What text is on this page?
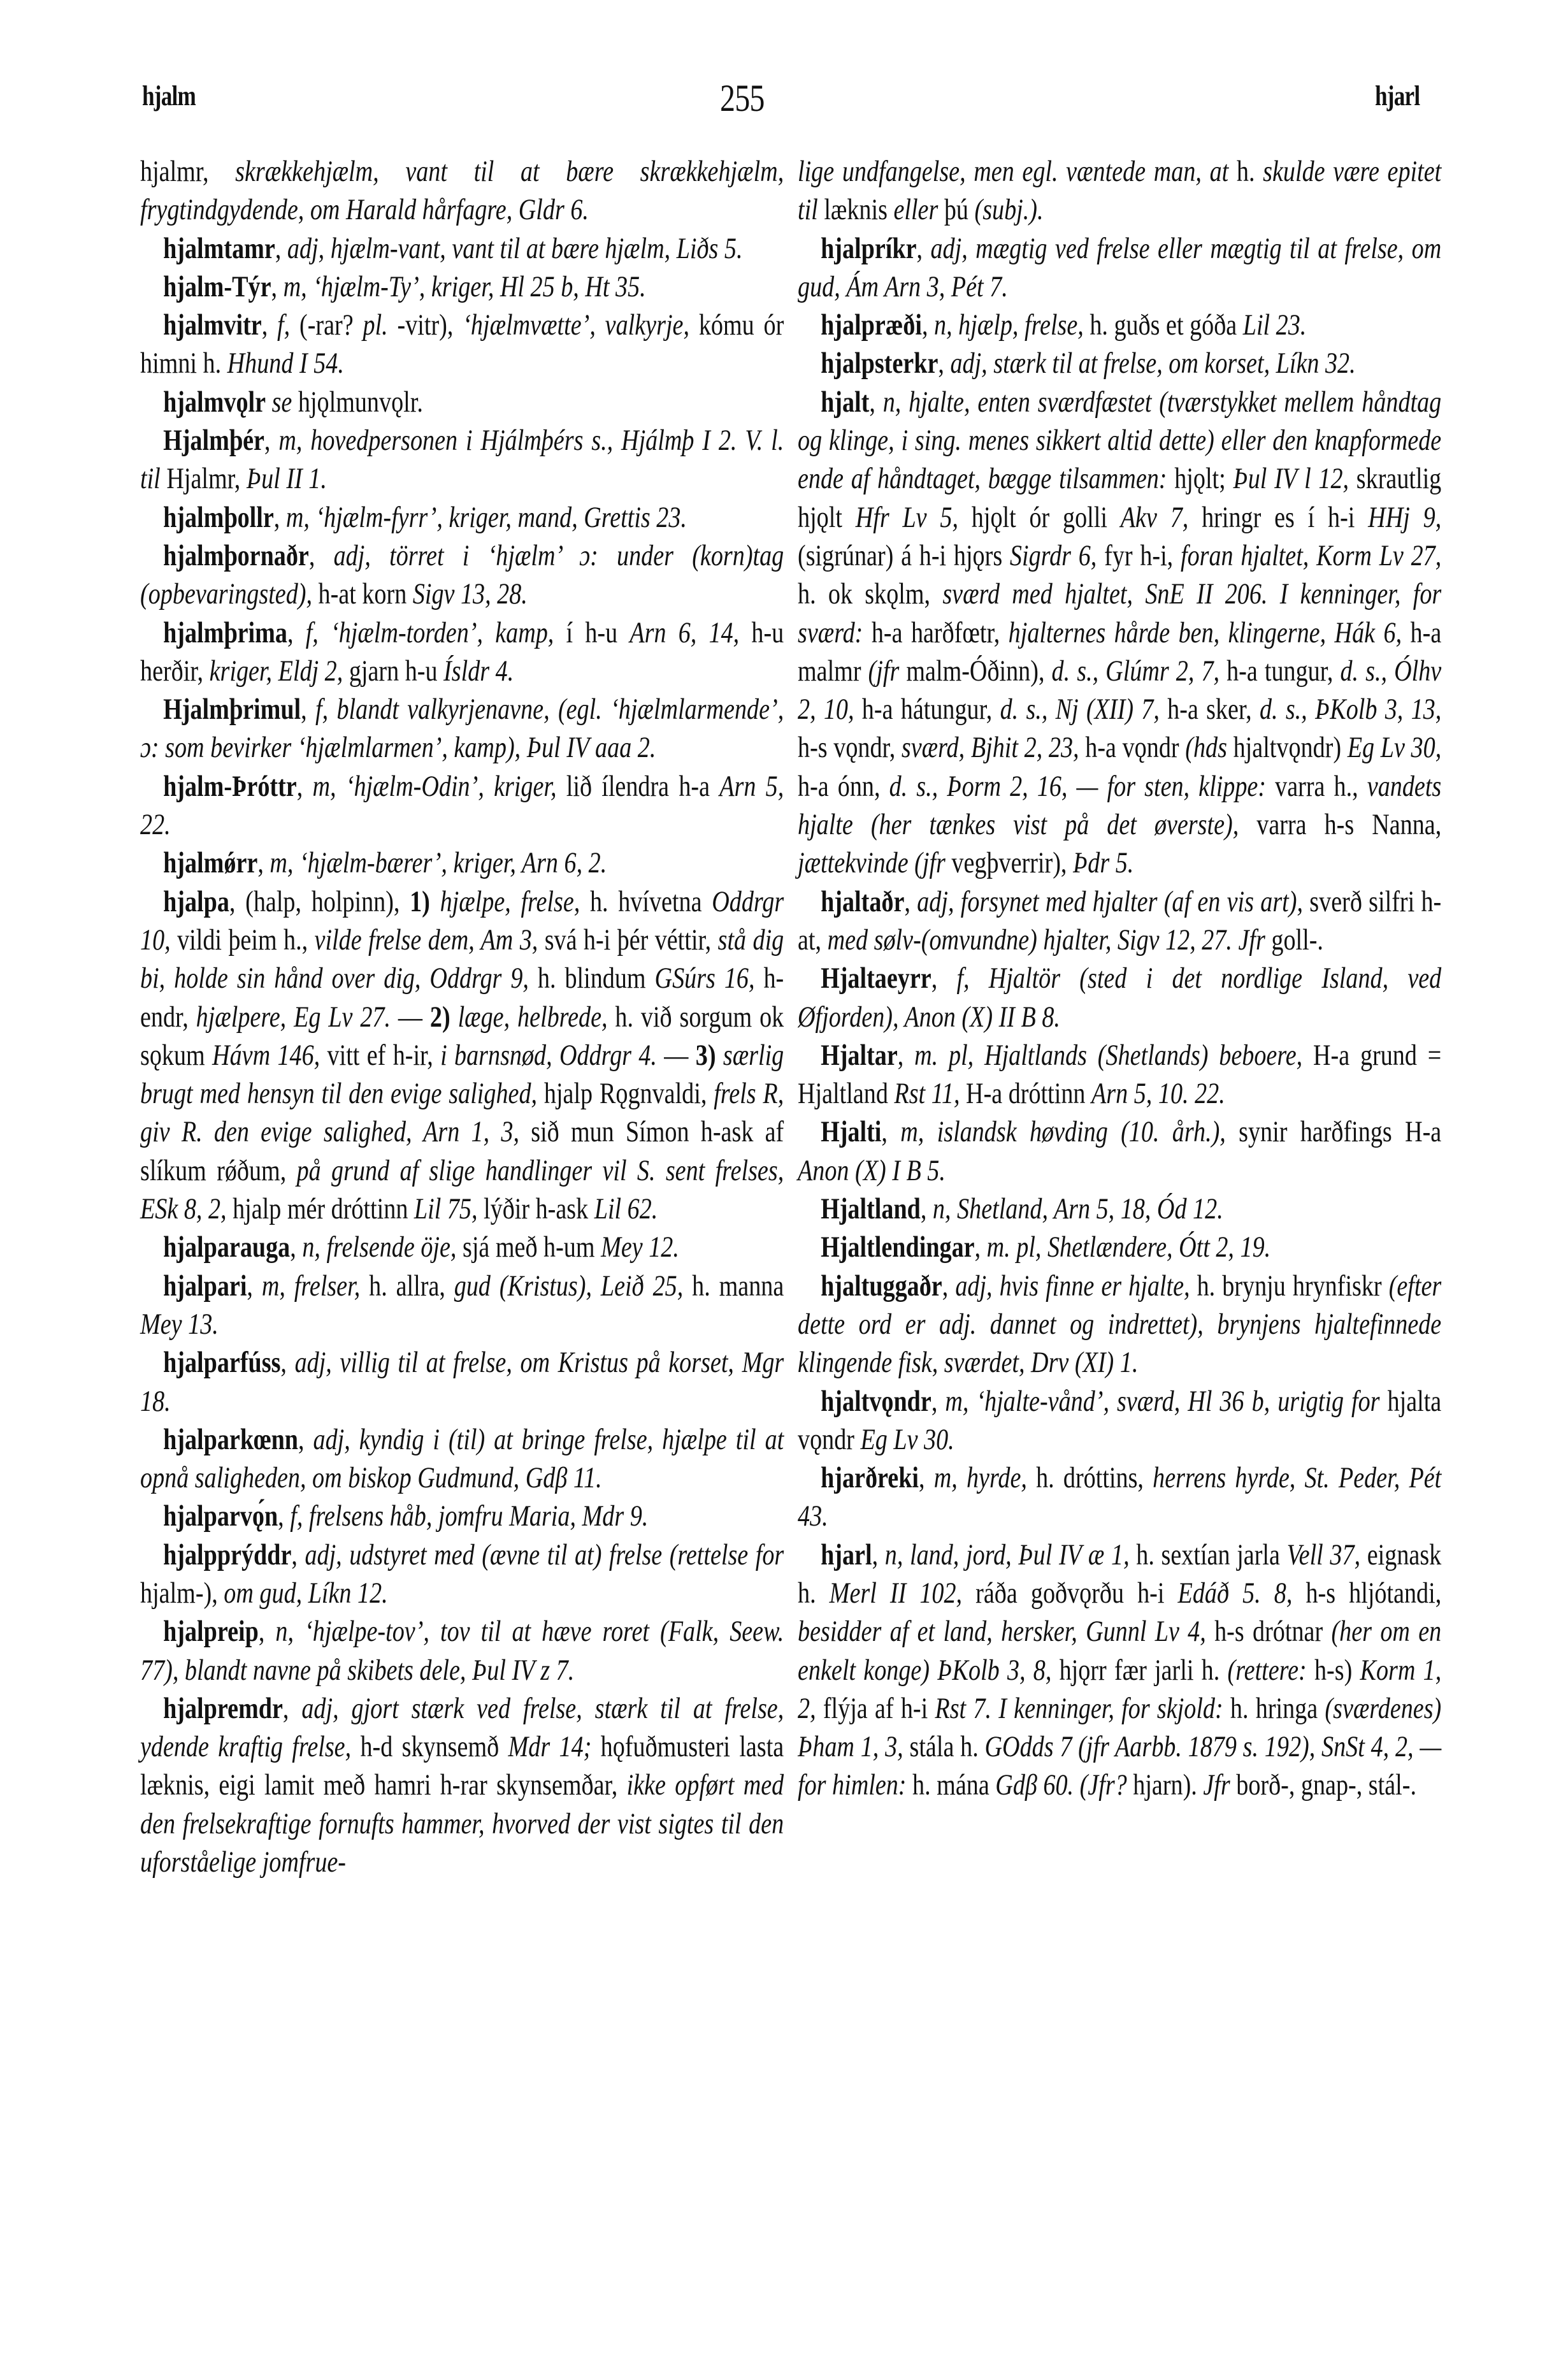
hjalm	255	hjarl

hjalmr, skrækkehjælm, vant til at bære skrækkehjælm, frygtindgydende, om Harald hårfagre, Gldr 6.

hjalmtamr, adj, hjælm-vant, vant til at bære hjælm, Liðs 5.

hjalm-Týr, m, ‘hjælm-Ty’, kriger, Hl 25 b, Ht 35.

hjalmvitr, f, (-rar? pl. -vitr), ‘hjælmvætte’, valkyrje, kómu ór himni h. Hhund I 54.

hjalmvǫlr se hjǫlmunvǫlr.

Hjalmþér, m, hovedpersonen i Hjálmþérs s., Hjálmþ I 2. V. l. til Hjalmr, Þul II 1.

hjalmþollr, m, ‘hjælm-fyrr’, kriger, mand, Grettis 23.

hjalmþornaðr, adj, törret i ‘hjælm’ ɔ: under (korn)tag (opbevaringsted), h-at korn Sigv 13, 28.

hjalmþrima, f, ‘hjælm-torden’, kamp, í h-u Arn 6, 14, h-u herðir, kriger, Eldj 2, gjarn h-u Ísldr 4.

Hjalmþrimul, f, blandt valkyrjenavne, (egl. ‘hjælmlarmende’, ɔ: som bevirker ‘hjælmlarmen’, kamp), Þul IV aaa 2.

hjalm-Þróttr, m, ‘hjælm-Odin’, kriger, lið ílendra h-a Arn 5, 22.

hjalmǿrr, m, ‘hjælm-bærer’, kriger, Arn 6, 2.

hjalpa, (halp, holpinn), 1) hjælpe, frelse, h. hvívetna Oddrgr 10, vildi þeim h., vilde frelse dem, Am 3, svá h-i þér véttir, stå dig bi, holde sin hånd over dig, Oddrgr 9, h. blindum GSúrs 16, h-endr, hjælpere, Eg Lv 27. — 2) læge, helbrede, h. við sorgum ok sǫkum Hávm 146, vitt ef h-ir, i barnsnød, Oddrgr 4. — 3) særlig brugt med hensyn til den evige salighed, hjalp Rǫgnvaldi, frels R, giv R. den evige salighed, Arn 1, 3, sið mun Símon h-ask af slíkum rǿðum, på grund af slige handlinger vil S. sent frelses, ESk 8, 2, hjalp mér dróttinn Lil 75, lýðir h-ask Lil 62.

hjalparauga, n, frelsende öje, sjá með h-um Mey 12.

hjalpari, m, frelser, h. allra, gud (Kristus), Leið 25, h. manna Mey 13.

hjalparfúss, adj, villig til at frelse, om Kristus på korset, Mgr 18.

hjalparkœnn, adj, kyndig i (til) at bringe frelse, hjælpe til at opnå saligheden, om biskop Gudmund, Gdβ 11.

hjalparvǫ́n, f, frelsens håb, jomfru Maria, Mdr 9.

hjalpprýddr, adj, udstyret med (ævne til at) frelse (rettelse for hjalm-), om gud, Líkn 12.

hjalpreip, n, ‘hjælpe-tov’, tov til at hæve roret (Falk, Seew. 77), blandt navne på skibets dele, Þul IV z 7.

hjalpremdr, adj, gjort stærk ved frelse, stærk til at frelse, ydende kraftig frelse, h-d skynsemð Mdr 14; hǫfuðmusteri lasta læknis, eigi lamit með hamri h-rar skynsemðar, ikke opført med den frelsekraftige fornufts hammer, hvorved der vist sigtes til den uforståelige jomfrue-

lige undfangelse, men egl. væntede man, at h. skulde være epitet til læknis eller þú (subj.).

hjalpríkr, adj, mægtig ved frelse eller mægtig til at frelse, om gud, Ám Arn 3, Pét 7.

hjalpræði, n, hjælp, frelse, h. guðs et góða Lil 23.

hjalpsterkr, adj, stærk til at frelse, om korset, Líkn 32.

hjalt, n, hjalte, enten sværdfæstet (tværstykket mellem håndtag og klinge, i sing. menes sikkert altid dette) eller den knapformede ende af håndtaget, bægge tilsammen: hjǫlt; Þul IV l 12, skrautlig hjǫlt Hfr Lv 5, hjǫlt ór golli Akv 7, hringr es í h-i HHj 9, (sigrúnar) á h-i hjǫrs Sigrdr 6, fyr h-i, foran hjaltet, Korm Lv 27, h. ok skǫlm, sværd med hjaltet, SnE II 206. I kenninger, for sværd: h-a harðfœtr, hjalternes hårde ben, klingerne, Hák 6, h-a malmr (jfr malm-Óðinn), d. s., Glúmr 2, 7, h-a tungur, d. s., Ólhv 2, 10, h-a hátungur, d. s., Nj (XII) 7, h-a sker, d. s., ÞKolb 3, 13, h-s vǫndr, sværd, Bjhit 2, 23, h-a vǫndr (hds hjaltvǫndr) Eg Lv 30, h-a ónn, d. s., Þorm 2, 16, — for sten, klippe: varra h., vandets hjalte (her tænkes vist på det øverste), varra h-s Nanna, jættekvinde (jfr vegþverrir), Þdr 5.

hjaltaðr, adj, forsynet med hjalter (af en vis art), sverð silfri h-at, med sølv-(omvundne) hjalter, Sigv 12, 27. Jfr goll-.

Hjaltaeyrr, f, Hjaltör (sted i det nordlige Island, ved Øfjorden), Anon (X) II B 8.

Hjaltar, m. pl, Hjaltlands (Shetlands) beboere, H-a grund = Hjaltland Rst 11, H-a dróttinn Arn 5, 10. 22.

Hjalti, m, islandsk høvding (10. årh.), synir harðfings H-a Anon (X) I B 5.

Hjaltland, n, Shetland, Arn 5, 18, Ód 12.

Hjaltlendingar, m. pl, Shetlændere, Ótt 2, 19.

hjaltuggaðr, adj, hvis finne er hjalte, h. brynju hrynfiskr (efter dette ord er adj. dannet og indrettet), brynjens hjaltefinnede klingende fisk, sværdet, Drv (XI) 1.

hjaltvǫndr, m, ‘hjalte-vånd’, sværd, Hl 36 b, urigtig for hjalta vǫndr Eg Lv 30.

hjarðreki, m, hyrde, h. dróttins, herrens hyrde, St. Peder, Pét 43.

hjarl, n, land, jord, Þul IV æ 1, h. sextían jarla Vell 37, eignask h. Merl II 102, ráða goðvǫrðu h-i Edáð 5. 8, h-s hljótandi, besidder af et land, hersker, Gunnl Lv 4, h-s drótnar (her om en enkelt konge) ÞKolb 3, 8, hjǫrr fær jarli h. (rettere: h-s) Korm 1, 2, flýja af h-i Rst 7. I kenninger, for skjold: h. hringa (sværdenes) Þham 1, 3, stála h. GOdds 7 (jfr Aarbb. 1879 s. 192), SnSt 4, 2, — for himlen: h. mána Gdβ 60. (Jfr? hjarn). Jfr borð-, gnap-, stál-.
